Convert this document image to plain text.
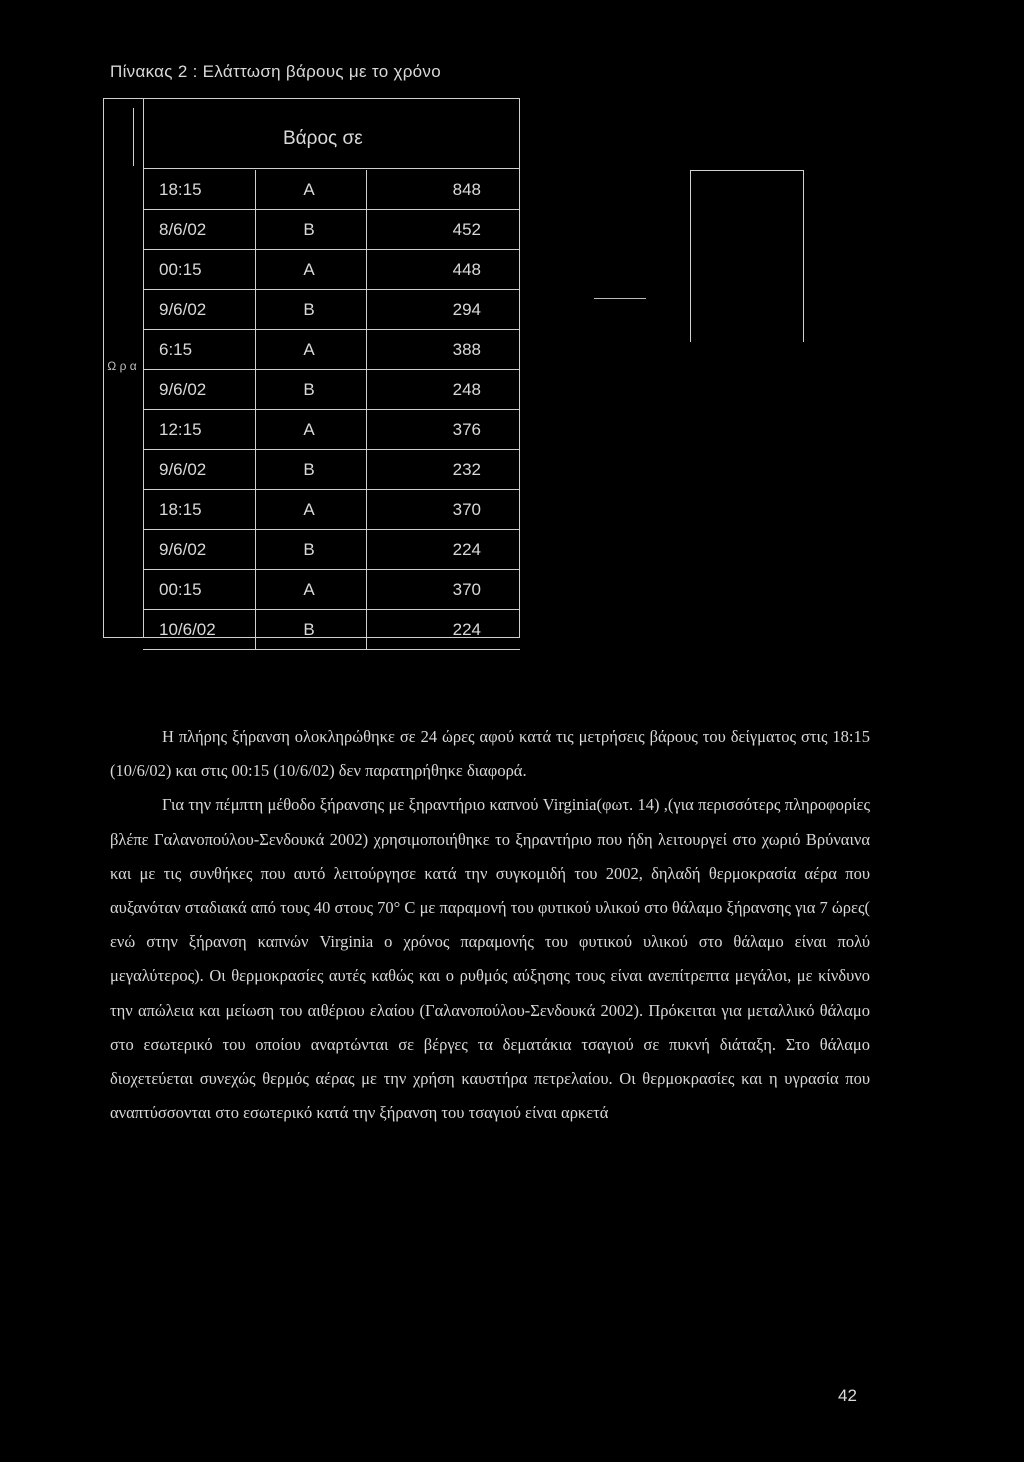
Πίνακας 2 : Ελάττωση βάρους με το χρόνο
Βάρος σε
Ω ρ α
18:15	Α	848
8/6/02	Β	452
00:15	Α	448
9/6/02	Β	294
6:15	Α	388
9/6/02	Β	248
12:15	Α	376
9/6/02	Β	232
18:15	Α	370
9/6/02	Β	224
00:15	Α	370
10/6/02	Β	224

Η πλήρης ξήρανση ολοκληρώθηκε σε 24 ώρες αφού κατά τις μετρήσεις βάρους του δείγματος στις 18:15 (10/6/02) και στις 00:15 (10/6/02) δεν παρατηρήθηκε διαφορά.

Για την πέμπτη μέθοδο ξήρανσης με ξηραντήριο καπνού Virginia(φωτ. 14) ,(για περισσότερς πληροφορίες βλέπε Γαλανοπούλου-Σενδουκά 2002) χρησιμοποιήθηκε το ξηραντήριο που ήδη λειτουργεί στο χωριό Βρύναινα και με τις συνθήκες που αυτό λειτούργησε κατά την συγκομιδή του 2002, δηλαδή θερμοκρασία αέρα που αυξανόταν σταδιακά από τους 40 στους 70° C με παραμονή του φυτικού υλικού στο θάλαμο ξήρανσης για 7 ώρες( ενώ στην ξήρανση καπνών Virginia ο χρόνος παραμονής του φυτικού υλικού στο θάλαμο είναι πολύ μεγαλύτερος). Οι θερμοκρασίες αυτές καθώς και ο ρυθμός αύξησης τους είναι ανεπίτρεπτα μεγάλοι, με κίνδυνο την απώλεια και μείωση του αιθέριου ελαίου (Γαλανοπούλου-Σενδουκά 2002). Πρόκειται για μεταλλικό θάλαμο στο εσωτερικό του οποίου αναρτώνται σε βέργες τα δεματάκια τσαγιού σε πυκνή διάταξη. Στο θάλαμο διοχετεύεται συνεχώς θερμός αέρας με την χρήση καυστήρα πετρελαίου. Οι θερμοκρασίες και η υγρασία που αναπτύσσονται στο εσωτερικό κατά την ξήρανση του τσαγιού είναι αρκετά

42
